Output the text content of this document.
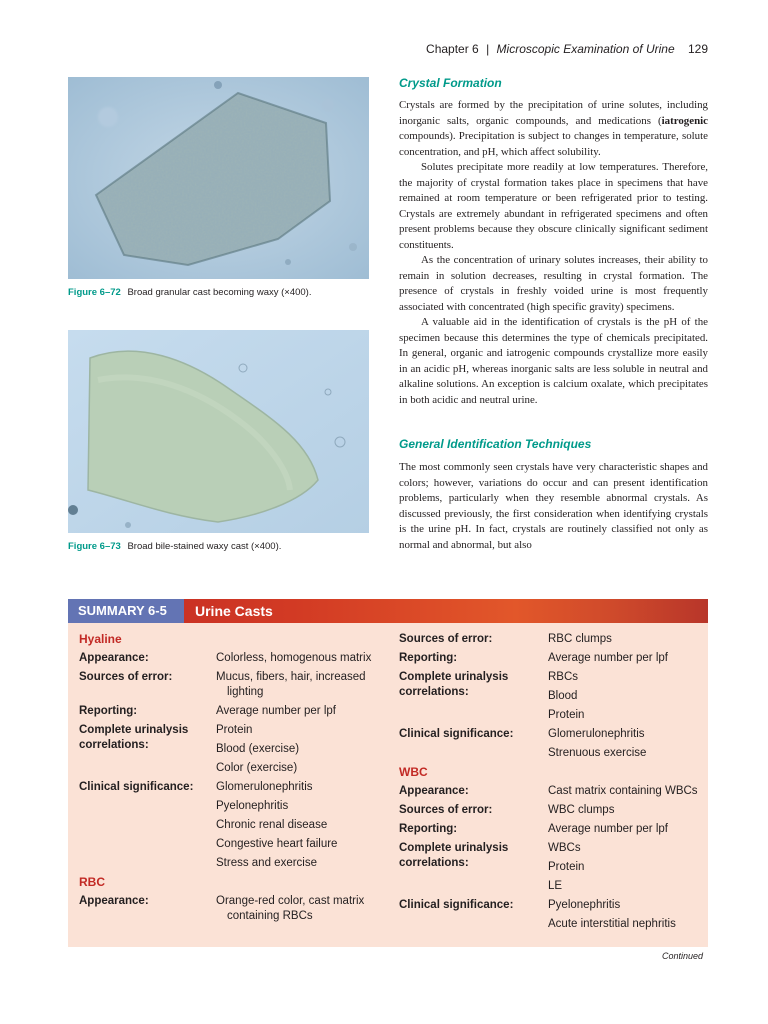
Chapter 6 | Microscopic Examination of Urine 129
Figure 6–72 Broad granular cast becoming waxy (×400).
Figure 6–73 Broad bile-stained waxy cast (×400).
Crystal Formation

Crystals are formed by the precipitation of urine solutes, including inorganic salts, organic compounds, and medications (iatrogenic compounds). Precipitation is subject to changes in temperature, solute concentration, and pH, which affect solubility.

Solutes precipitate more readily at low temperatures. Therefore, the majority of crystal formation takes place in specimens that have remained at room temperature or been refrigerated prior to testing. Crystals are extremely abundant in refrigerated specimens and often present problems because they obscure clinically significant sediment constituents.

As the concentration of urinary solutes increases, their ability to remain in solution decreases, resulting in crystal formation. The presence of crystals in freshly voided urine is most frequently associated with concentrated (high specific gravity) specimens.

A valuable aid in the identification of crystals is the pH of the specimen because this determines the type of chemicals precipitated. In general, organic and iatrogenic compounds crystallize more easily in an acidic pH, whereas inorganic salts are less soluble in neutral and alkaline solutions. An exception is calcium oxalate, which precipitates in both acidic and neutral urine.

General Identification Techniques

The most commonly seen crystals have very characteristic shapes and colors; however, variations do occur and can present identification problems, particularly when they resemble abnormal crystals. As discussed previously, the first consideration when identifying crystals is the urine pH. In fact, crystals are routinely classified not only as normal and abnormal, but also

SUMMARY 6-5	Urine Casts
Hyaline
Appearance:	Colorless, homogenous matrix
Sources of error:	Mucus, fibers, hair, increased lighting
Reporting:	Average number per lpf
Complete urinalysis correlations:
Protein
Blood (exercise)
Color (exercise)
Clinical significance:	Glomerulonephritis
Pyelonephritis
Chronic renal disease
Congestive heart failure
Stress and exercise
RBC
Appearance:	Orange-red color, cast matrix containing RBCs
Sources of error:	RBC clumps
Reporting:	Average number per lpf
Complete urinalysis correlations:
RBCs
Blood
Protein
Clinical significance:	Glomerulonephritis
Strenuous exercise
WBC
Appearance:	Cast matrix containing WBCs
Sources of error:	WBC clumps
Reporting:	Average number per lpf
Complete urinalysis correlations:
WBCs
Protein
LE
Clinical significance:	Pyelonephritis
Acute interstitial nephritis
Continued
